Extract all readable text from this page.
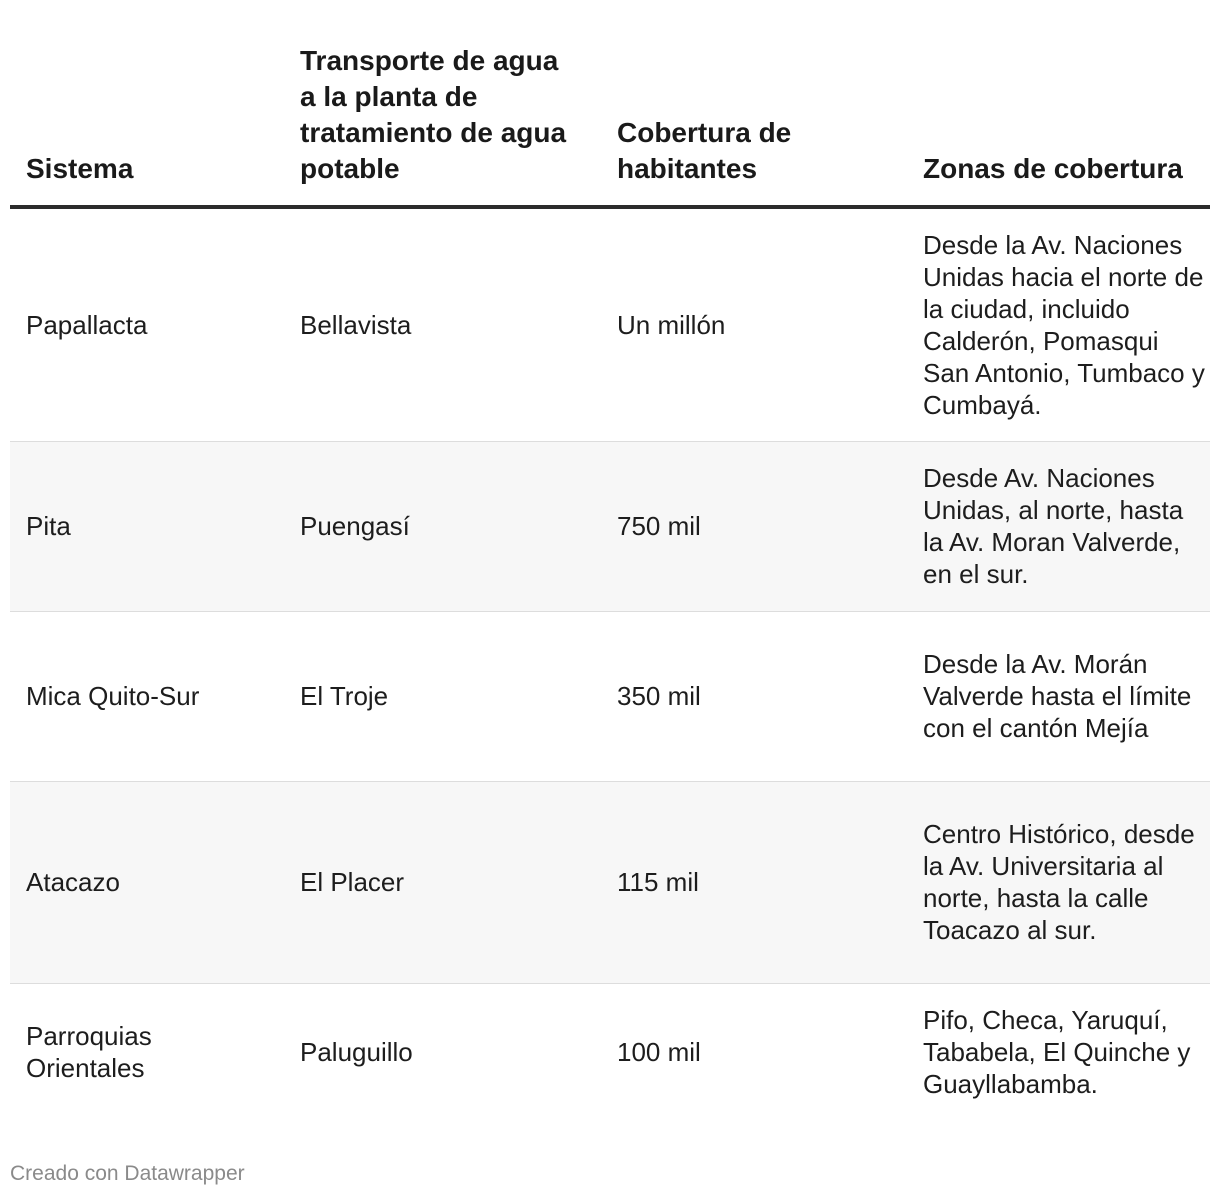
Sistema	Transporte de agua a la planta de tratamiento de agua potable	Cobertura de habitantes	Zonas de cobertura
Papallacta	Bellavista	Un millón	Desde la Av. Naciones Unidas hacia el norte de la ciudad, incluido Calderón, Pomasqui San Antonio, Tumbaco y Cumbayá.
Pita	Puengasí	750 mil	Desde Av. Naciones Unidas, al norte, hasta la Av. Moran Valverde, en el sur.
Mica Quito-Sur	El Troje	350 mil	Desde la Av. Morán Valverde hasta el límite con el cantón Mejía
Atacazo	El Placer	115 mil	Centro Histórico, desde la Av. Universitaria al norte, hasta la calle Toacazo al sur.
Parroquias Orientales	Paluguillo	100 mil	Pifo, Checa, Yaruquí, Tababela, El Quinche y Guayllabamba.
Creado con Datawrapper
